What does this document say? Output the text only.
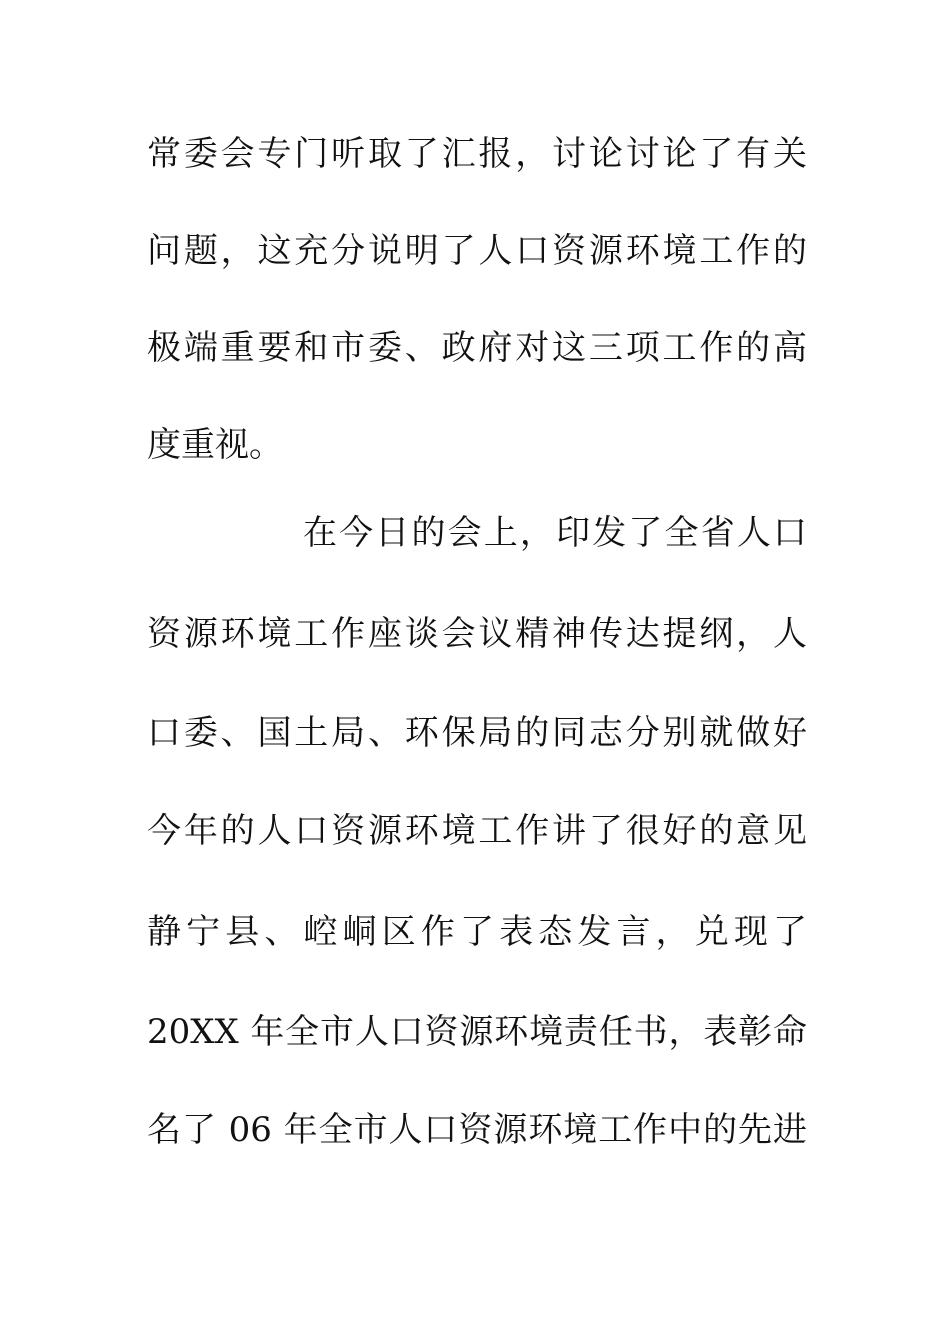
常委会专门听取了汇报，讨论讨论了有关
问题，这充分说明了人口资源环境工作的
极端重要和市委、政府对这三项工作的高
度重视。
在今日的会上，印发了全省人口
资源环境工作座谈会议精神传达提纲，人
口委、国土局、环保局的同志分别就做好
今年的人口资源环境工作讲了很好的意见
静宁县、崆峒区作了表态发言，兑现了
20XX 年全市人口资源环境责任书，表彰命
名了 06 年全市人口资源环境工作中的先进
